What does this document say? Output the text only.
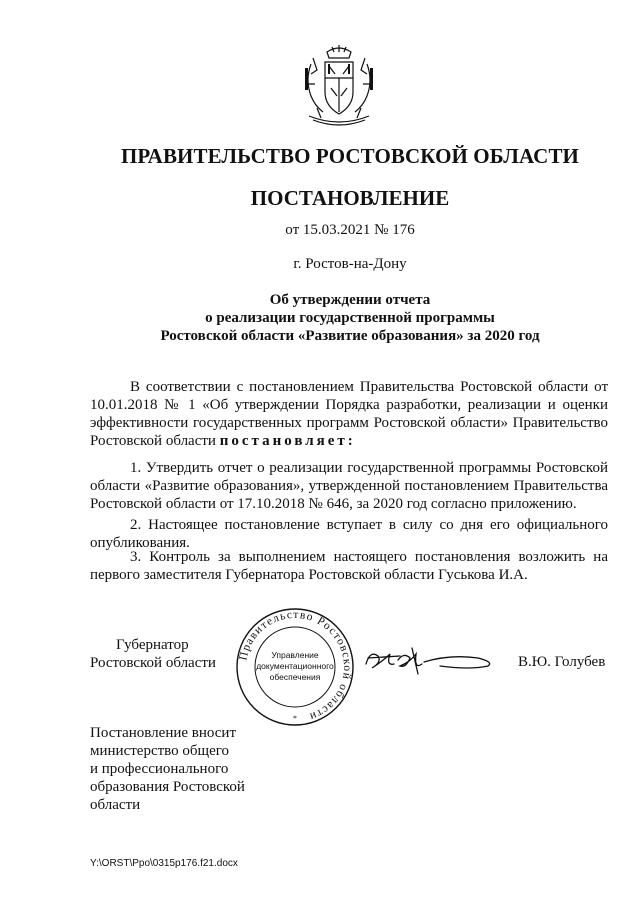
ПРАВИТЕЛЬСТВО РОСТОВСКОЙ ОБЛАСТИ
ПОСТАНОВЛЕНИЕ
от 15.03.2021 № 176
г. Ростов-на-Дону
Об утверждении отчета
о реализации государственной программы
Ростовской области «Развитие образования» за 2020 год
В соответствии с постановлением Правительства Ростовской области от 10.01.2018 № 1 «Об утверждении Порядка разработки, реализации и оценки эффективности государственных программ Ростовской области» Правительство Ростовской области постановляет:
1. Утвердить отчет о реализации государственной программы Ростовской области «Развитие образования», утвержденной постановлением Правительства Ростовской области от 17.10.2018 № 646, за 2020 год согласно приложению.
2. Настоящее постановление вступает в силу со дня его официального опубликования.
3. Контроль за выполнением настоящего постановления возложить на первого заместителя Губернатора Ростовской области Гуськова И.А.
Губернатор
Ростовской области	Правительство Ростовской области
Управление
документационного
обеспечения
*
В.Ю. Голубев
Постановление вносит
министерство общего
и профессионального
образования Ростовской
области
Y:\ORST\Ppo\0315p176.f21.docx
